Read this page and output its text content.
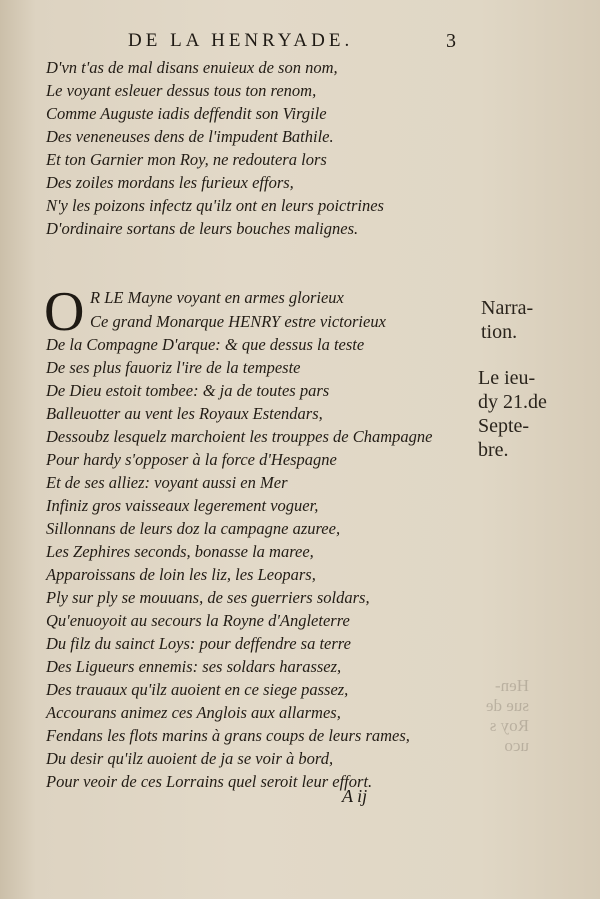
DE LA HENRYADE.	3
D'vn t'as de mal disans enuieux de son nom,
Le voyant esleuer dessus tous ton renom,
Comme Auguste iadis deffendit son Virgile
Des veneneuses dens de l'impudent Bathile.
Et ton Garnier mon Roy, ne redoutera lors
Des zoiles mordans les furieux effors,
N'y les poizons infectz qu'ilz ont en leurs poictrines
D'ordinaire sortans de leurs bouches malignes.
O R LE Mayne voyant en armes glorieux
Ce grand Monarque HENRY estre victorieux
De la Compagne D'arque: & que dessus la teste
De ses plus fauoriz l'ire de la tempeste
De Dieu estoit tombee: & ja de toutes pars
Balleuotter au vent les Royaux Estendars,
Dessoubz lesquelz marchoient les trouppes de Champagne
Pour hardy s'opposer à la force d'Hespagne
Et de ses alliez: voyant aussi en Mer
Infiniz gros vaisseaux legerement voguer,
Sillonnans de leurs doz la campagne azuree,
Les Zephires seconds, bonasse la maree,
Apparoissans de loin les liz, les Leopars,
Ply sur ply se mouuans, de ses guerriers soldars,
Qu'enuoyoit au secours la Royne d'Angleterre
Du filz du sainct Loys: pour deffendre sa terre
Des Ligueurs ennemis: ses soldars harassez,
Des trauaux qu'ilz auoient en ce siege passez,
Accourans animez ces Anglois aux allarmes,
Fendans les flots marins à grans coups de leurs rames,
Du desir qu'ilz auoient de ja se voir à bord,
Pour veoir de ces Lorrains quel seroit leur effort.
Narra-
tion.
Le ieu-
dy 21.de
Septe-
bre.
Hen-
sue de
Roy s
uco
A ij
